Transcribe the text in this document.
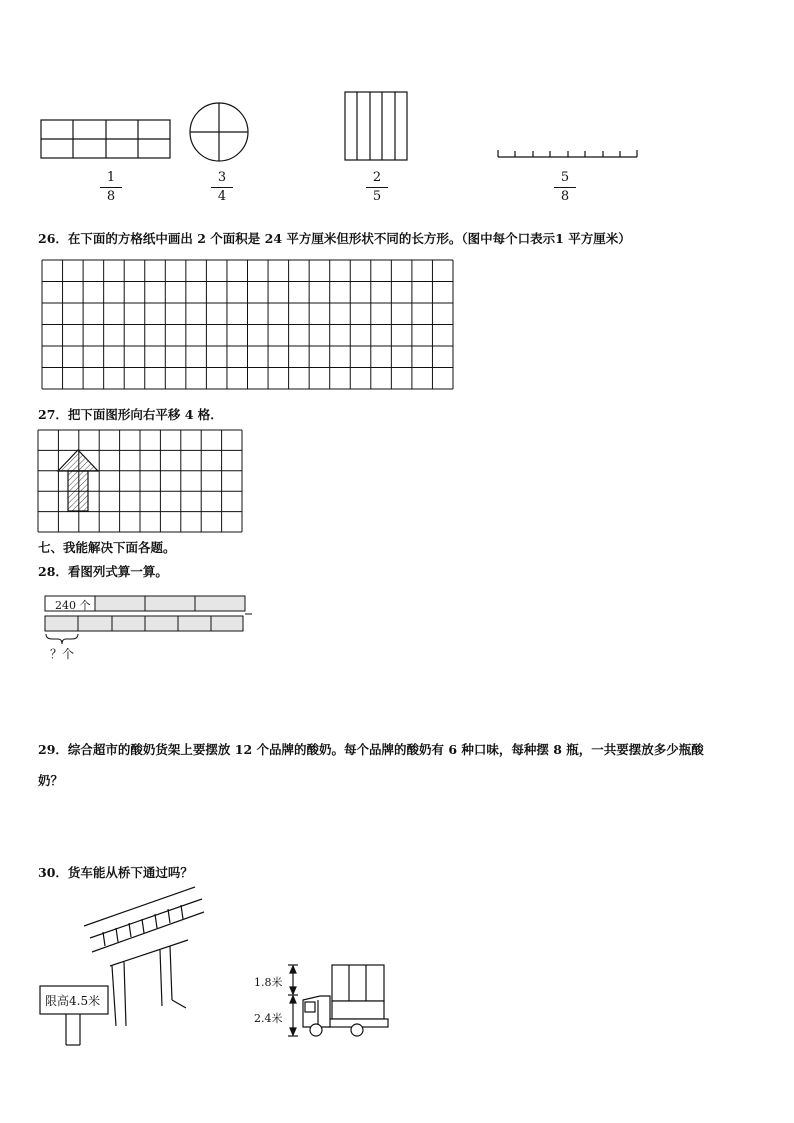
1
8
3
4
2
5
5
8
26．在下面的方格纸中画出 2 个面积是 24 平方厘米但形状不同的长方形。（图中每个口表示1 平方厘米）
27．把下面图形向右平移 4 格．
七、我能解决下面各题。
28．看图列式算一算。
240 个
？个
29．综合超市的酸奶货架上要摆放 12 个品牌的酸奶。每个品牌的酸奶有 6 种口味，每种摆 8 瓶，一共要摆放多少瓶酸
奶？
30．货车能从桥下通过吗？
限高4.5米
1.8米
2.4米
